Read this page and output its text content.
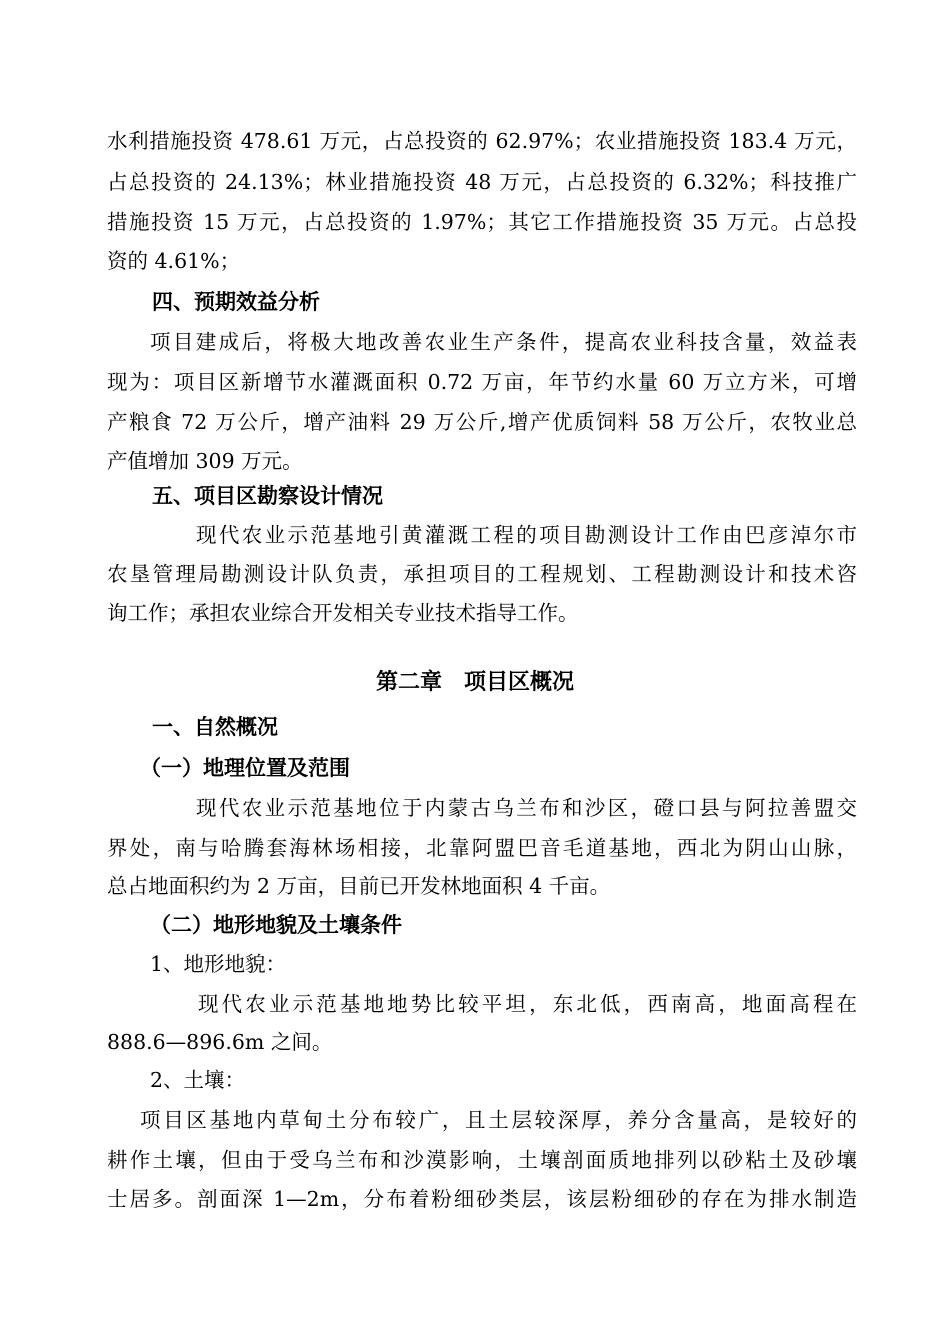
水利措施投资 478.61 万元，占总投资的 62.97%；农业措施投资 183.4 万元，
占总投资的 24.13%；林业措施投资 48 万元，占总投资的 6.32%；科技推广
措施投资 15 万元，占总投资的 1.97%；其它工作措施投资 35 万元。占总投
资的 4.61%；
四、预期效益分析
项目建成后，将极大地改善农业生产条件，提高农业科技含量，效益表
现为：项目区新增节水灌溉面积 0.72 万亩，年节约水量 60 万立方米，可增
产粮食 72 万公斤，增产油料 29 万公斤,增产优质饲料 58 万公斤，农牧业总
产值增加 309 万元。
五、项目区勘察设计情况
现代农业示范基地引黄灌溉工程的项目勘测设计工作由巴彦淖尔市
农垦管理局勘测设计队负责，承担项目的工程规划、工程勘测设计和技术咨
询工作；承担农业综合开发相关专业技术指导工作。
第二章　项目区概况
一、自然概况
（一）地理位置及范围
现代农业示范基地位于内蒙古乌兰布和沙区，磴口县与阿拉善盟交
界处，南与哈腾套海林场相接，北靠阿盟巴音毛道基地，西北为阴山山脉，
总占地面积约为 2 万亩，目前已开发林地面积 4 千亩。
（二）地形地貌及土壤条件
1、地形地貌：
现代农业示范基地地势比较平坦，东北低，西南高，地面高程在
888.6—896.6m 之间。
2、土壤：
项目区基地内草甸土分布较广，且土层较深厚，养分含量高，是较好的
耕作土壤，但由于受乌兰布和沙漠影响，土壤剖面质地排列以砂粘土及砂壤
士居多。剖面深 1—2m，分布着粉细砂类层，该层粉细砂的存在为排水制造
